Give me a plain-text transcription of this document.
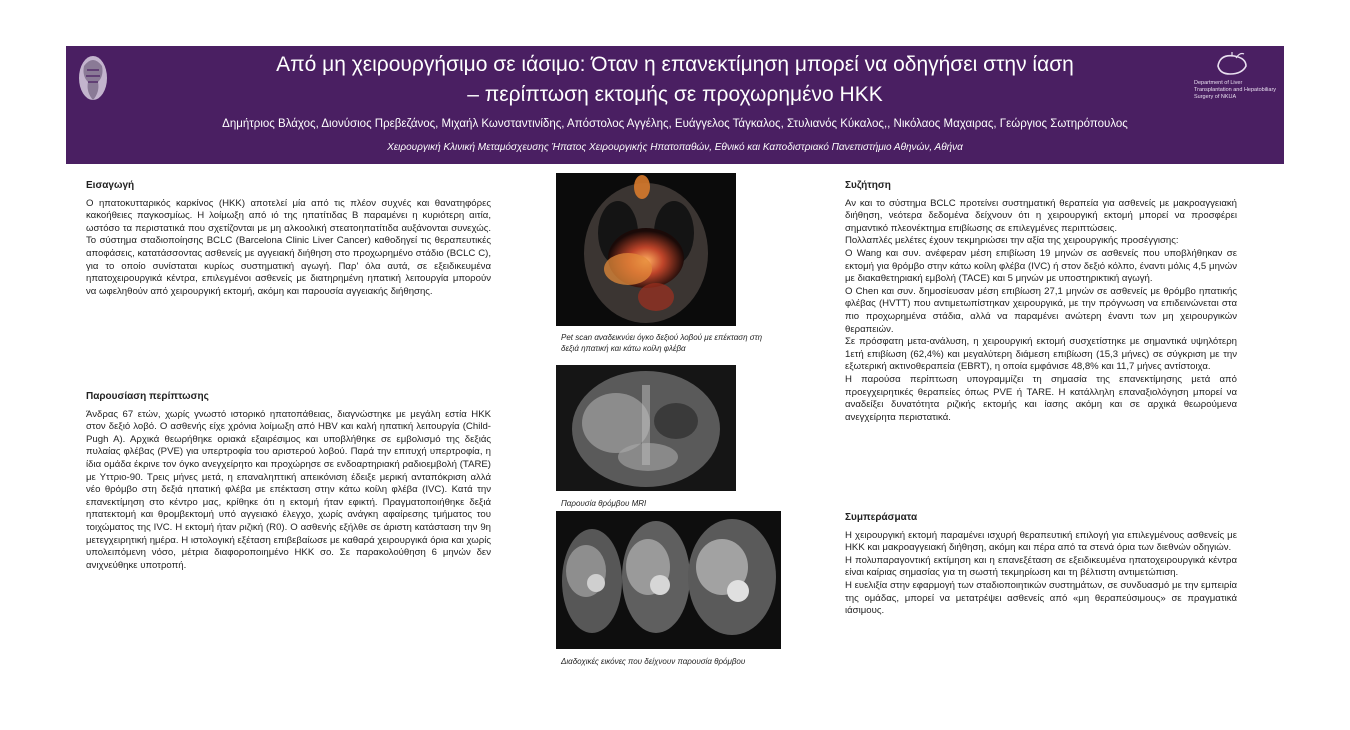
Από μη χειρουργήσιμο σε ιάσιμο: Όταν η επανεκτίμηση μπορεί να οδηγήσει στην ίαση
– περίπτωση εκτομής σε προχωρημένο ΗΚΚ
Δημήτριος Βλάχος, Διονύσιος Πρεβεζάνος, Μιχαήλ Κωνσταντινίδης, Απόστολος Αγγέλης, Ευάγγελος Τάγκαλος, Στυλιανός Κύκαλος,, Νικόλαος Μαχαιρας, Γεώργιος Σωτηρόπουλος
Χειρουργική Κλινική Μεταμόσχευσης Ήπατος Χειρουργικής Ηπατοπαθών, Εθνικό και Καποδιστριακό Πανεπιστήμιο Αθηνών, Αθήνα
Department of Liver Transplantation and Hepatobiliary Surgery of NKUA
Εισαγωγή

Ο ηπατοκυτταρικός καρκίνος (ΗΚΚ) αποτελεί μία από τις πλέον συχνές και θανατηφόρες κακοήθειες παγκοσμίως. Η λοίμωξη από ιό της ηπατίτιδας Β παραμένει η κυριότερη αιτία, ωστόσο τα περιστατικά που σχετίζονται με μη αλκοολική στεατοηπατίτιδα αυξάνονται συνεχώς. Το σύστημα σταδιοποίησης BCLC (Barcelona Clinic Liver Cancer) καθοδηγεί τις θεραπευτικές αποφάσεις, κατατάσσοντας ασθενείς με αγγειακή διήθηση στο προχωρημένο στάδιο (BCLC C), για το οποίο συνίσταται κυρίως συστηματική αγωγή. Παρ' όλα αυτά, σε εξειδικευμένα ηπατοχειρουργικά κέντρα, επιλεγμένοι ασθενείς με διατηρημένη ηπατική λειτουργία μπορούν να ωφεληθούν από χειρουργική εκτομή, ακόμη και παρουσία αγγειακής διήθησης.

Παρουσίαση περίπτωσης

Άνδρας 67 ετών, χωρίς γνωστό ιστορικό ηπατοπάθειας, διαγνώστηκε με μεγάλη εστία ΗΚΚ στον δεξιό λοβό. Ο ασθενής είχε χρόνια λοίμωξη από HBV και καλή ηπατική λειτουργία (Child-Pugh A). Αρχικά θεωρήθηκε οριακά εξαιρέσιμος και υποβλήθηκε σε εμβολισμό της δεξιάς πυλαίας φλέβας (PVE) για υπερτροφία του αριστερού λοβού. Παρά την επιτυχή υπερτροφία, η ίδια ομάδα έκρινε τον όγκο ανεγχείρητο και προχώρησε σε ενδοαρτηριακή ραδιοεμβολή (TARE) με Υττριο-90. Τρεις μήνες μετά, η επαναληπτική απεικόνιση έδειξε μερική ανταπόκριση αλλά νέο θρόμβο στη δεξιά ηπατική φλέβα με επέκταση στην κάτω κοίλη φλέβα (IVC). Κατά την επανεκτίμηση στο κέντρο μας, κρίθηκε ότι η εκτομή ήταν εφικτή. Πραγματοποιήθηκε δεξιά ηπατεκτομή και θρομβεκτομή υπό αγγειακό έλεγχο, χωρίς ανάγκη αφαίρεσης τμήματος του τοιχώματος της IVC. Η εκτομή ήταν ριζική (R0). Ο ασθενής εξήλθε σε άριστη κατάσταση την 9η μετεγχειρητική ημέρα. Η ιστολογική εξέταση επιβεβαίωσε με καθαρά χειρουργικά όρια και χωρίς υπολειπόμενη νόσο, μέτρια διαφοροποιημένο ΗΚΚ σο. Σε παρακολούθηση 6 μηνών δεν ανιχνεύθηκε υποτροπή.

Pet scan αναδεικνύει όγκο δεξιού λοβού με επέκταση στη δεξιά ηπατική και κάτω κοίλη φλέβα
Παρουσία θρόμβου MRI
Διαδοχικές εικόνες που δείχνουν παρουσία θρόμβου
Συζήτηση

Αν και το σύστημα BCLC προτείνει συστηματική θεραπεία για ασθενείς με μακροαγγειακή διήθηση, νεότερα δεδομένα δείχνουν ότι η χειρουργική εκτομή μπορεί να προσφέρει σημαντικό πλεονέκτημα επιβίωσης σε επιλεγμένες περιπτώσεις.

Πολλαπλές μελέτες έχουν τεκμηριώσει την αξία της χειρουργικής προσέγγισης:

Ο Wang και συν. ανέφεραν μέση επιβίωση 19 μηνών σε ασθενείς που υποβλήθηκαν σε εκτομή για θρόμβο στην κάτω κοίλη φλέβα (IVC) ή στον δεξιό κόλπο, έναντι μόλις 4,5 μηνών με διακαθετηριακή εμβολή (TACE) και 5 μηνών με υποστηρικτική αγωγή.

Ο Chen και συν. δημοσίευσαν μέση επιβίωση 27,1 μηνών σε ασθενείς με θρόμβο ηπατικής φλέβας (HVTT) που αντιμετωπίστηκαν χειρουργικά, με την πρόγνωση να επιδεινώνεται στα πιο προχωρημένα στάδια, αλλά να παραμένει ανώτερη έναντι των μη χειρουργικών θεραπειών.

Σε πρόσφατη μετα-ανάλυση, η χειρουργική εκτομή συσχετίστηκε με σημαντικά υψηλότερη 1ετή επιβίωση (62,4%) και μεγαλύτερη διάμεση επιβίωση (15,3 μήνες) σε σύγκριση με την εξωτερική ακτινοθεραπεία (EBRT), η οποία εμφάνισε 48,8% και 11,7 μήνες αντίστοιχα.

Η παρούσα περίπτωση υπογραμμίζει τη σημασία της επανεκτίμησης μετά από προεγχειρητικές θεραπείες όπως PVE ή TARE. Η κατάλληλη επαναξιολόγηση μπορεί να αναδείξει δυνατότητα ριζικής εκτομής και ίασης ακόμη και σε αρχικά θεωρούμενα ανεγχείρητα περιστατικά.

Συμπεράσματα

Η χειρουργική εκτομή παραμένει ισχυρή θεραπευτική επιλογή για επιλεγμένους ασθενείς με ΗΚΚ και μακροαγγειακή διήθηση, ακόμη και πέρα από τα στενά όρια των διεθνών οδηγιών.

Η πολυπαραγοντική εκτίμηση και η επανεξέταση σε εξειδικευμένα ηπατοχειρουργικά κέντρα είναι καίριας σημασίας για τη σωστή τεκμηρίωση και τη βέλτιστη αντιμετώπιση.

Η ευελιξία στην εφαρμογή των σταδιοποιητικών συστημάτων, σε συνδυασμό με την εμπειρία της ομάδας, μπορεί να μετατρέψει ασθενείς από «μη θεραπεύσιμους» σε πραγματικά ιάσιμους.
